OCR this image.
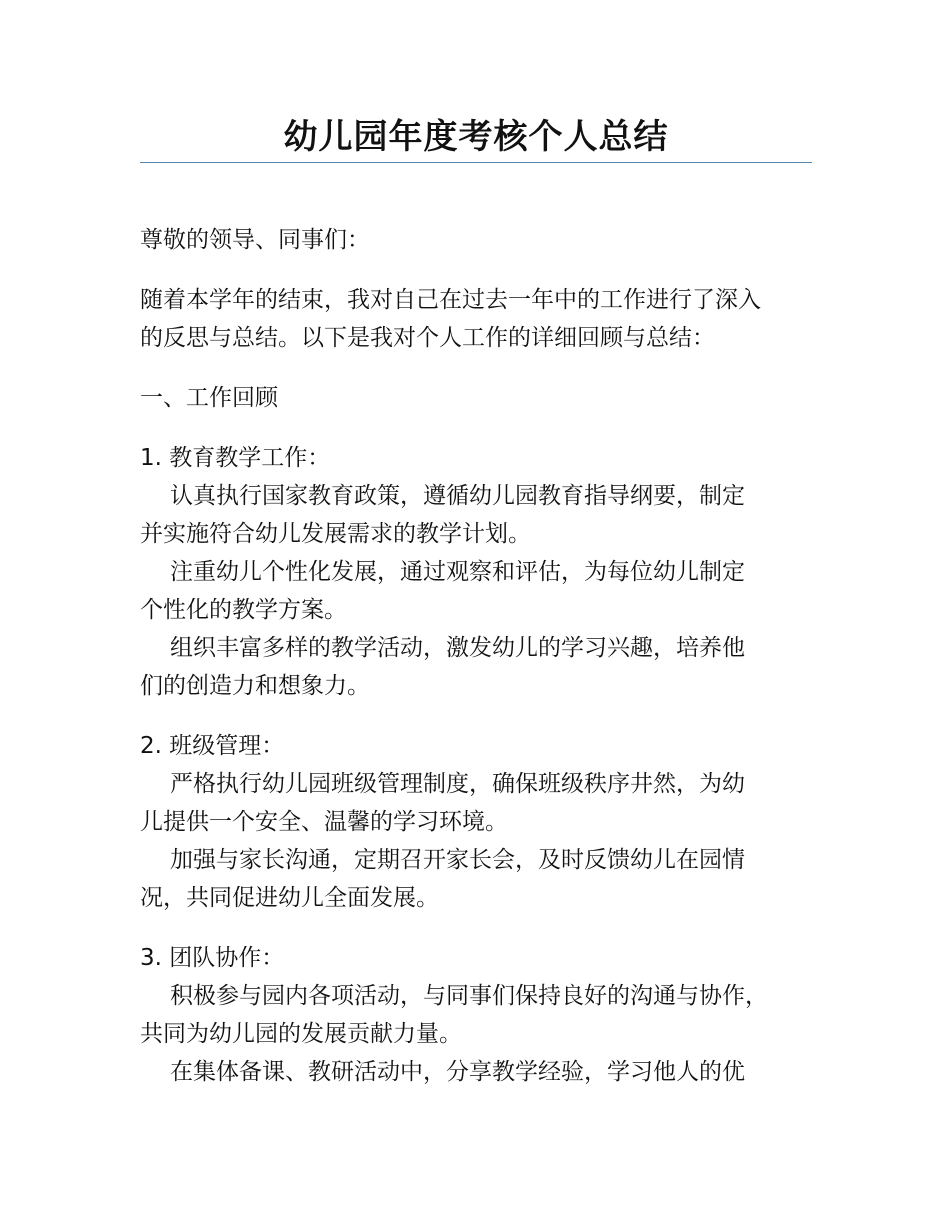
幼儿园年度考核个人总结

尊敬的领导、同事们：

随着本学年的结束，我对自己在过去一年中的工作进行了深入

的反思与总结。以下是我对个人工作的详细回顾与总结：

一、工作回顾

1. 教育教学工作：

认真执行国家教育政策，遵循幼儿园教育指导纲要，制定

并实施符合幼儿发展需求的教学计划。

注重幼儿个性化发展，通过观察和评估，为每位幼儿制定

个性化的教学方案。

组织丰富多样的教学活动，激发幼儿的学习兴趣，培养他

们的创造力和想象力。

2. 班级管理：

严格执行幼儿园班级管理制度，确保班级秩序井然，为幼

儿提供一个安全、温馨的学习环境。

加强与家长沟通，定期召开家长会，及时反馈幼儿在园情

况，共同促进幼儿全面发展。

3. 团队协作：

积极参与园内各项活动，与同事们保持良好的沟通与协作，

共同为幼儿园的发展贡献力量。

在集体备课、教研活动中，分享教学经验，学习他人的优
